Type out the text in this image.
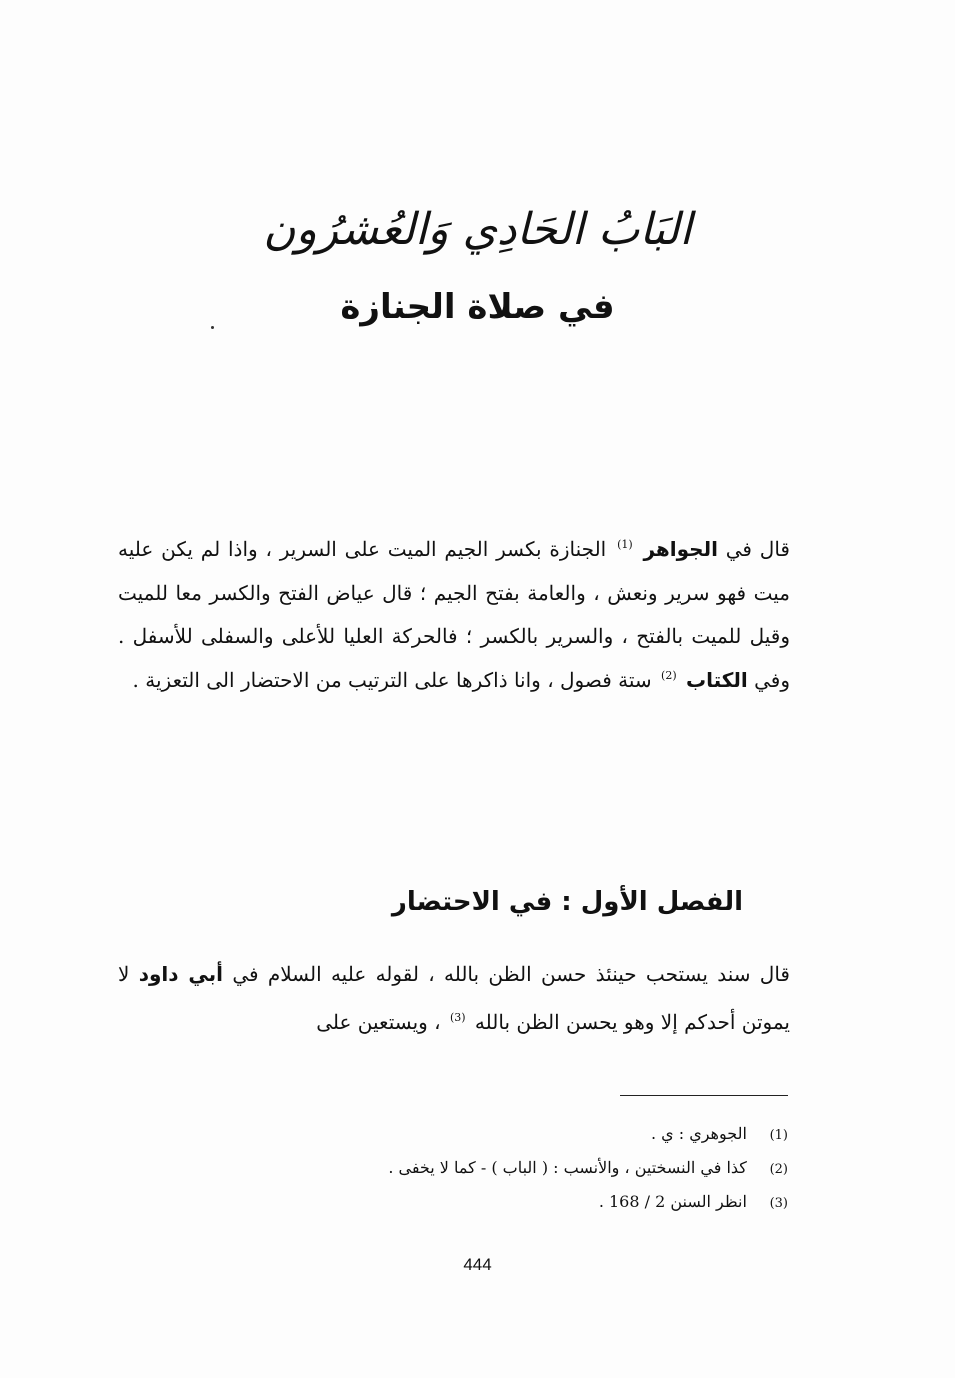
البَابُ الحَادِي وَالعُشرُون
في صلاة الجنازة
قال في الجواهر $^{(1)}$ الجنازة بكسر الجيم الميت على السرير ، واذا لم يكن عليه ميت فهو سرير ونعش ، والعامة بفتح الجيم ؛ قال عياض الفتح والكسر معا للميت وقيل للميت بالفتح ، والسرير بالكسر ؛ فالحركة العليا للأعلى والسفلى للأسفل . وفي الكتاب $^{(2)}$ ستة فصول ، وانا ذاكرها على الترتيب من الاحتضار الى التعزية .
الفصل الأول : في الاحتضار
قال سند يستحب حينئذ حسن الظن بالله ، لقوله عليه السلام في أبي داود لا يموتن أحدكم إلا وهو يحسن الظن بالله $^{(3)}$ ، ويستعين على
(1) الجوهري : ي .
(2) كذا في النسختين ، والأنسب : ( الباب ) - كما لا يخفى .
(3) انظر السنن 2 / 168 .
444
